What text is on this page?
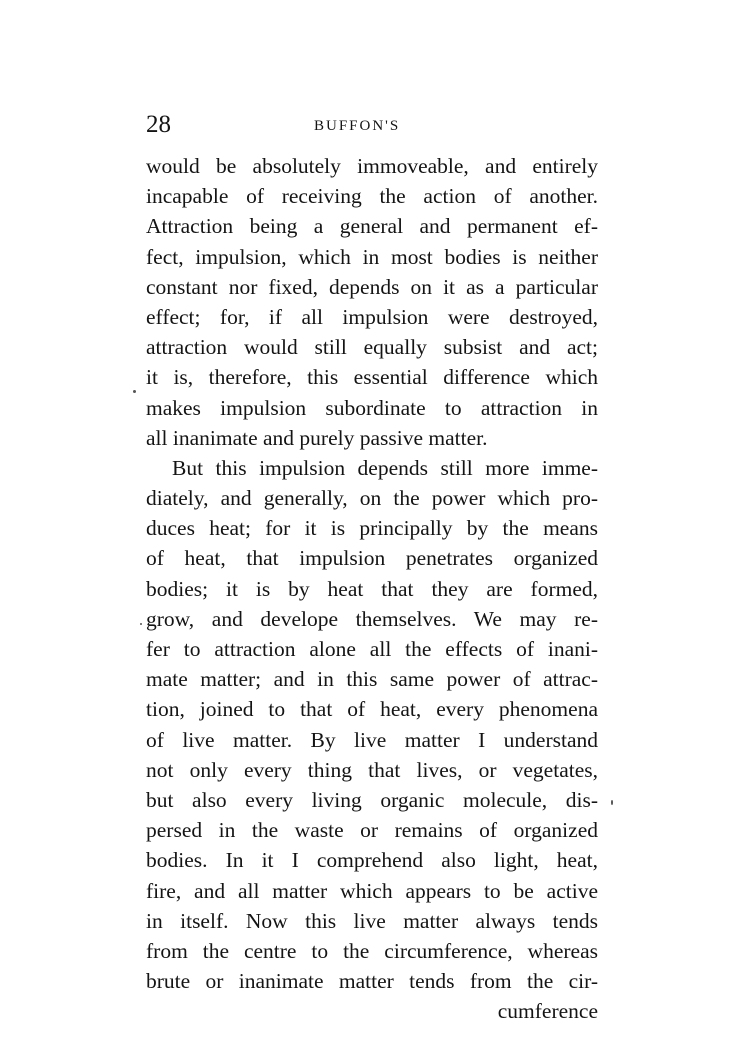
28	BUFFON'S
would be absolutely immoveable, and entirely
incapable of receiving the action of another.
Attraction being a general and permanent ef-
fect, impulsion, which in most bodies is neither
constant nor fixed, depends on it as a particular
effect; for, if all impulsion were destroyed,
attraction would still equally subsist and act;
it is, therefore, this essential difference which
makes impulsion subordinate to attraction in
all inanimate and purely passive matter.
But this impulsion depends still more imme-
diately, and generally, on the power which pro-
duces heat; for it is principally by the means
of heat, that impulsion penetrates organized
bodies; it is by heat that they are formed,
grow, and develope themselves. We may re-
fer to attraction alone all the effects of inani-
mate matter; and in this same power of attrac-
tion, joined to that of heat, every phenomena
of live matter. By live matter I understand
not only every thing that lives, or vegetates,
but also every living organic molecule, dis-
persed in the waste or remains of organized
bodies. In it I comprehend also light, heat,
fire, and all matter which appears to be active
in itself. Now this live matter always tends
from the centre to the circumference, whereas
brute or inanimate matter tends from the cir-
cumference
